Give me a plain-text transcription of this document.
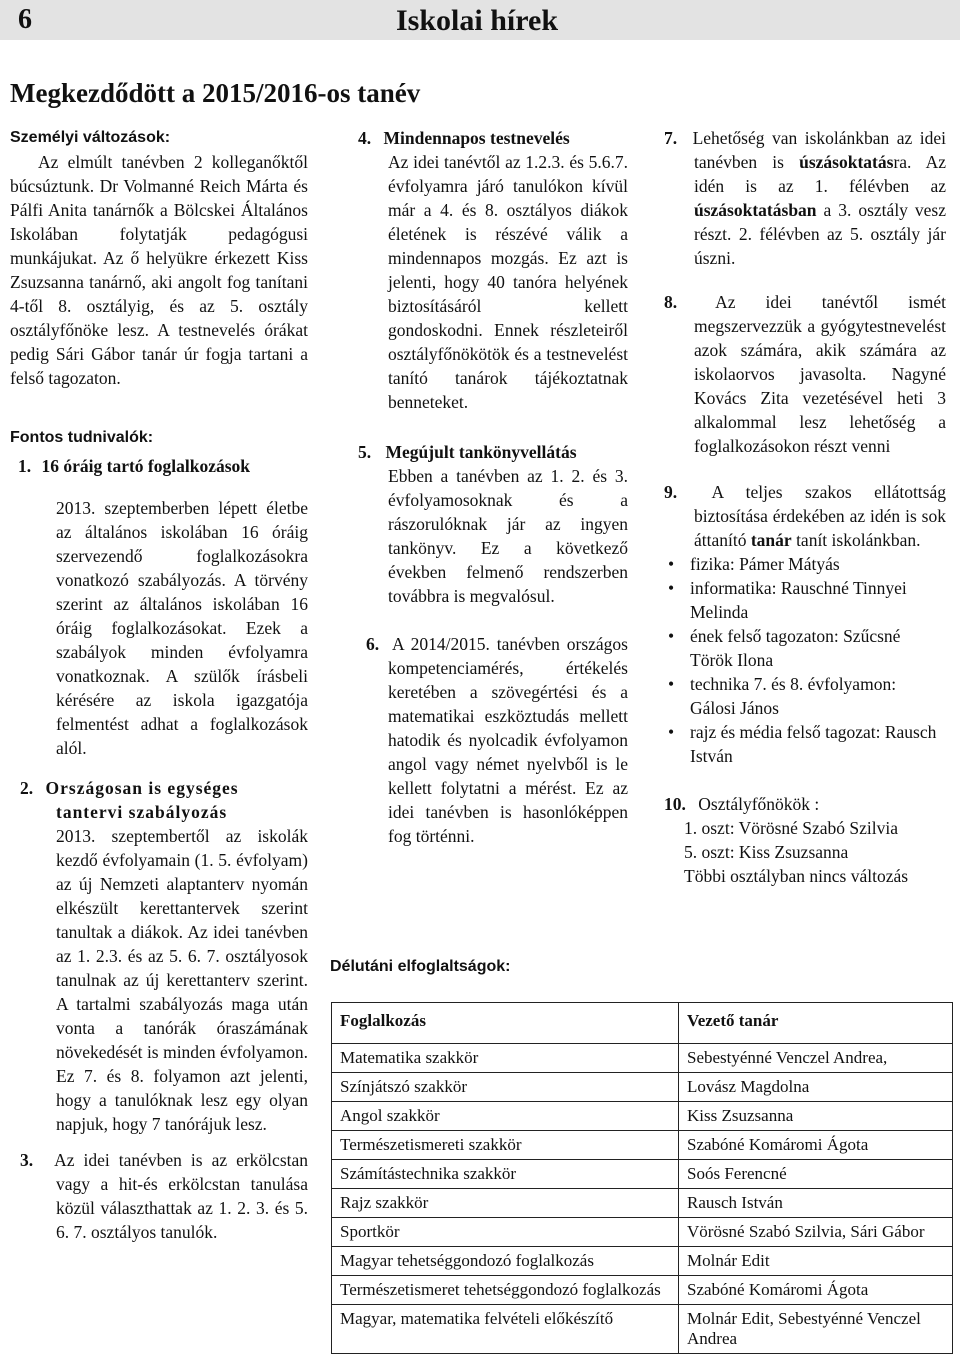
6	Iskolai hírek
Megkezdődött a 2015/2016-os tanév
Személyi változások:

Az elmúlt tanévben 2 kolleganőktől búcsúztunk. Dr Volmanné Reich Márta és Pálfi Anita tanárnők a Bölcskei Általános Iskolában folytatják pedagógusi munkájukat. Az ő helyükre érkezett Kiss Zsuzsanna tanárnő, aki angolt fog tanítani 4-től 8. osztályig, és az 5. osztály osztályfőnöke lesz. A testnevelés órákat pedig Sári Gábor tanár úr fogja tartani a felső tagozaton.

Fontos tudnivalók:
1. 16 óráig tartó foglalkozások

2013. szeptemberben lépett életbe az általános iskolában 16 óráig szervezendő foglalkozásokra vonatkozó szabályozás. A törvény szerint az általános iskolában 16 óráig foglalkozásokat. Ezek a szabályok minden évfolyamra vonatkoznak. A szülők írásbeli kérésére az iskola igazgatója felmentést adhat a foglalkozások alól.

2. Országosan is egységes tantervi szabályozás

2013. szeptembertől az iskolák kezdő évfolyamain (1. 5. évfolyam) az új Nemzeti alaptanterv nyomán elkészült kerettantervek szerint tanultak a diákok. Az idei tanévben az 1. 2.3. és az 5. 6. 7. osztályosok tanulnak az új kerettanterv szerint. A tartalmi szabályozás maga után vonta a tanórák óraszámának növekedését is minden évfolyamon. Ez 7. és 8. folyamon azt jelenti, hogy a tanulóknak lesz egy olyan napjuk, hogy 7 tanórájuk lesz.

3. Az idei tanévben is az erkölcstan vagy a hit-és erkölcstan tanulása közül választhattak az 1. 2. 3. és 5. 6. 7. osztályos tanulók.
4. Mindennapos testnevelés

Az idei tanévtől az 1.2.3. és 5.6.7. évfolyamra járó tanulókon kívül már a 4. és 8. osztályos diákok életének is részévé válik a mindennapos mozgás. Ez azt is jelenti, hogy 40 tanóra helyének biztosításáról kellett gondoskodni. Ennek részleteiről osztályfőnökötök és a testnevelést tanító tanárok tájékoztatnak benneteket.

5. Megújult tankönyvellátás

Ebben a tanévben az 1. 2. és 3. évfolyamosoknak és a rászorulóknak jár az ingyen tankönyv. Ez a következő években felmenő rendszerben továbbra is megvalósul.

6. A 2014/2015. tanévben országos kompetenciamérés, értékelés keretében a szövegértési és a matematikai eszköztudás mellett hatodik és nyolcadik évfolyamon angol vagy német nyelvből is le kellett folytatni a mérést. Ez az idei tanévben is hasonlóképpen fog történni.
7. Lehetőség van iskolánkban az idei tanévben is úszásoktatásra. Az idén is az 1. félévben az úszásoktatásban a 3. osztály vesz részt. 2. félévben az 5. osztály jár úszni.
8. Az idei tanévtől ismét megszervezzük a gyógytestnevelést azok számára, akik számára az iskolaorvos javasolta. Nagyné Kovács Zita vezetésével heti 3 alkalommal lesz lehetőség a foglalkozásokon részt venni
9. A teljes szakos ellátottság biztosítása érdekében az idén is sok áttanító tanár tanít iskolánkban.
• fizika: Pámer Mátyás
• informatika: Rauschné Tinnyei Melinda
• ének felső tagozaton: Szűcsné Török Ilona
• technika 7. és 8. évfolyamon: Gálosi János
• rajz és média felső tagozat: Rausch István
10. Osztályfőnökök :
1. oszt: Vörösné Szabó Szilvia
5. oszt: Kiss Zsuzsanna
Többi osztályban nincs változás
Délutáni elfoglaltságok:
Foglalkozás	Vezető tanár
Matematika szakkör	Sebestyénné Venczel Andrea,
Színjátszó szakkör	Lovász Magdolna
Angol szakkör	Kiss Zsuzsanna
Természetismereti szakkör	Szabóné Komáromi Ágota
Számítástechnika szakkör	Soós Ferencné
Rajz szakkör	Rausch István
Sportkör	Vörösné Szabó Szilvia, Sári Gábor
Magyar tehetséggondozó foglalkozás	Molnár Edit
Természetismeret tehetséggondozó foglalkozás	Szabóné Komáromi Ágota
Magyar, matematika felvételi előkészítő	Molnár Edit, Sebestyénné Venczel Andrea
